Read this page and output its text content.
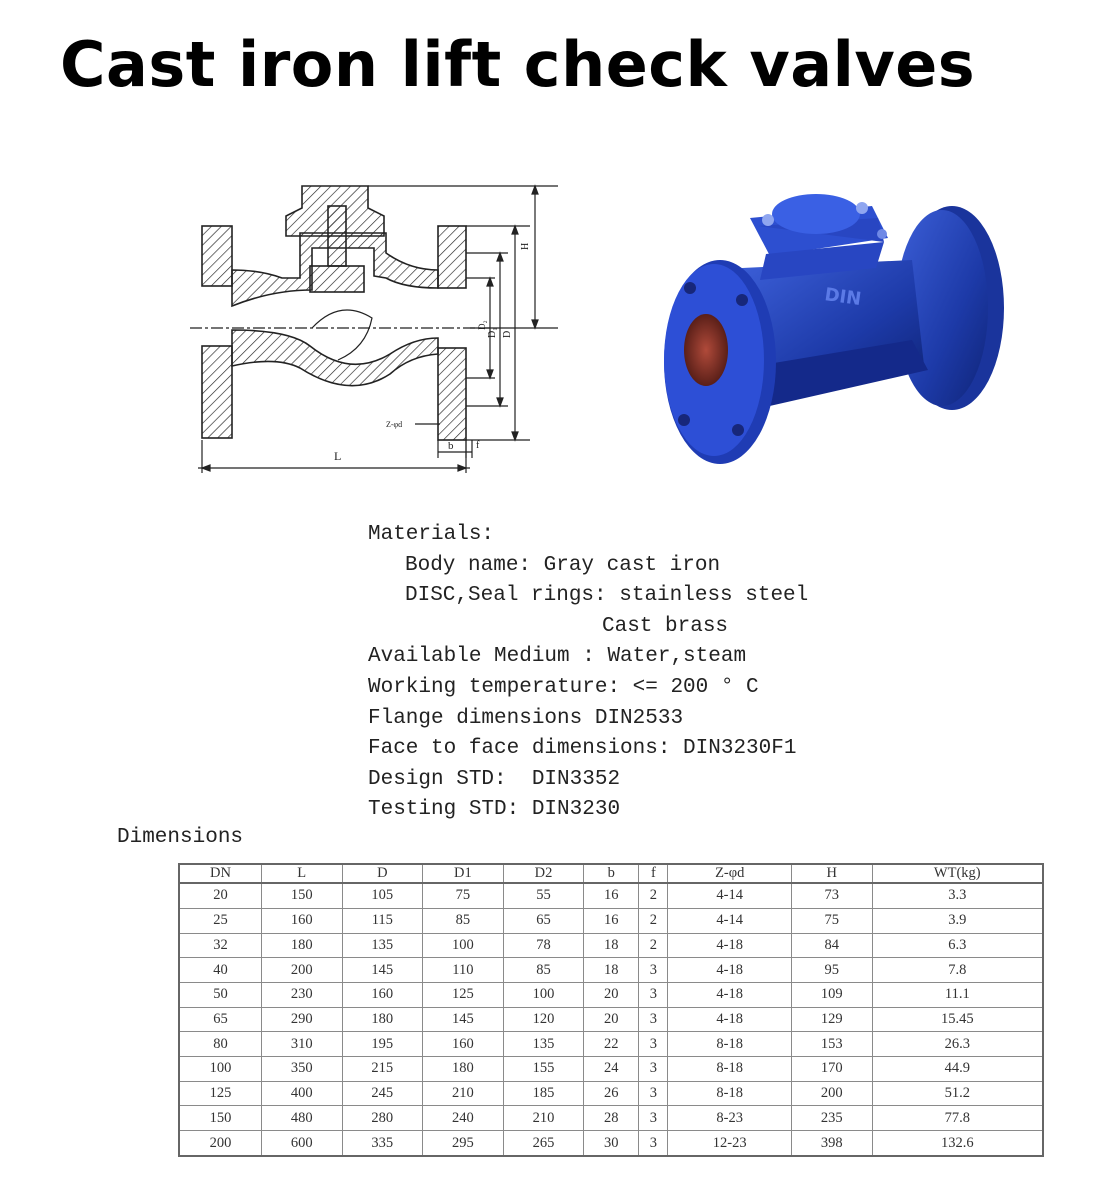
Cast iron lift check valves
L
H
D
D₁
D₂
b f
Z-φd
DIN
Materials:
Body name: Gray cast iron
DISC,Seal rings: stainless steel
Cast brass
Available Medium : Water,steam
Working temperature: <= 200 ° C
Flange dimensions DIN2533
Face to face dimensions: DIN3230F1
Design STD:  DIN3352
Testing STD: DIN3230
Dimensions
DN	L	D	D1	D2	b	f	Z-φd	H	WT(kg)
20	150	105	75	55	16	2	4-14	73	3.3
25	160	115	85	65	16	2	4-14	75	3.9
32	180	135	100	78	18	2	4-18	84	6.3
40	200	145	110	85	18	3	4-18	95	7.8
50	230	160	125	100	20	3	4-18	109	11.1
65	290	180	145	120	20	3	4-18	129	15.45
80	310	195	160	135	22	3	8-18	153	26.3
100	350	215	180	155	24	3	8-18	170	44.9
125	400	245	210	185	26	3	8-18	200	51.2
150	480	280	240	210	28	3	8-23	235	77.8
200	600	335	295	265	30	3	12-23	398	132.6
